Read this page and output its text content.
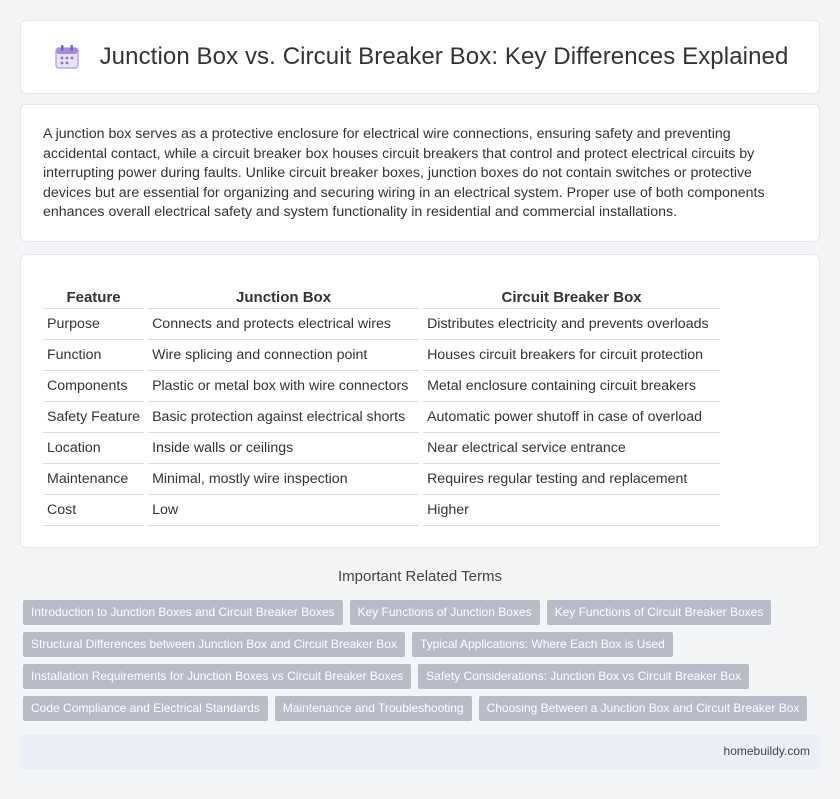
Junction Box vs. Circuit Breaker Box: Key Differences Explained

A junction box serves as a protective enclosure for electrical wire connections, ensuring safety and preventing accidental contact, while a circuit breaker box houses circuit breakers that control and protect electrical circuits by interrupting power during faults. Unlike circuit breaker boxes, junction boxes do not contain switches or protective devices but are essential for organizing and securing wiring in an electrical system. Proper use of both components enhances overall electrical safety and system functionality in residential and commercial installations.

Feature	Junction Box	Circuit Breaker Box
Purpose	Connects and protects electrical wires	Distributes electricity and prevents overloads
Function	Wire splicing and connection point	Houses circuit breakers for circuit protection
Components	Plastic or metal box with wire connectors	Metal enclosure containing circuit breakers
Safety Feature	Basic protection against electrical shorts	Automatic power shutoff in case of overload
Location	Inside walls or ceilings	Near electrical service entrance
Maintenance	Minimal, mostly wire inspection	Requires regular testing and replacement
Cost	Low	Higher
Important Related Terms
Introduction to Junction Boxes and Circuit Breaker Boxes	Key Functions of Junction Boxes	Key Functions of Circuit Breaker Boxes
Structural Differences between Junction Box and Circuit Breaker Box	Typical Applications: Where Each Box is Used
Installation Requirements for Junction Boxes vs Circuit Breaker Boxes	Safety Considerations: Junction Box vs Circuit Breaker Box
Code Compliance and Electrical Standards	Maintenance and Troubleshooting	Choosing Between a Junction Box and Circuit Breaker Box
homebuildy.com
